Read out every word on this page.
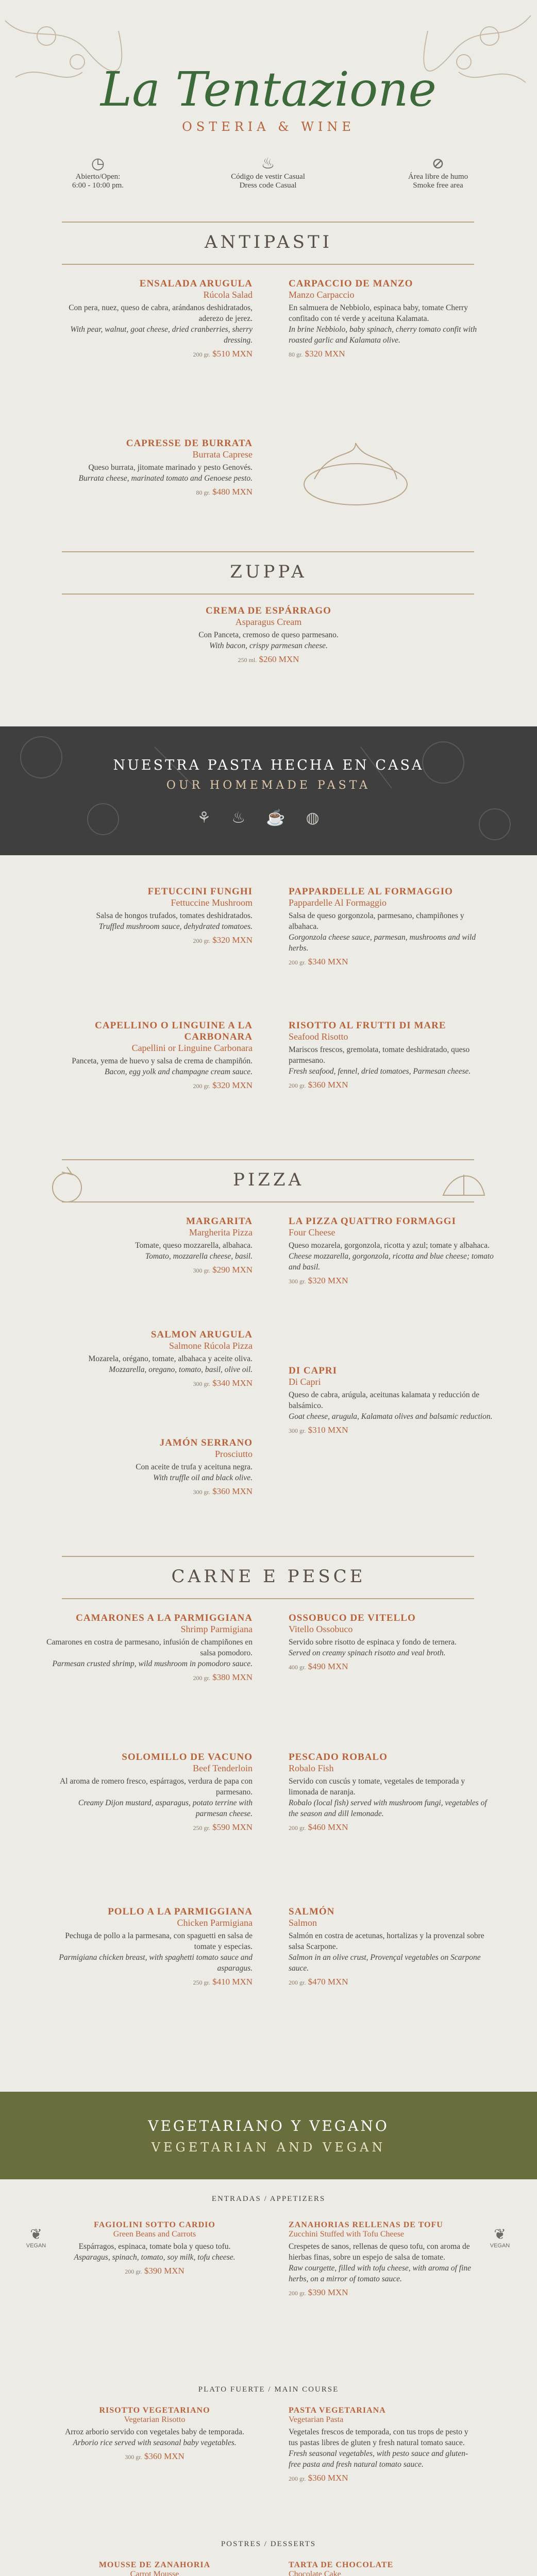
La Tentazione
OSTERIA & WINE
◷
Abierto/Open:
6:00 - 10:00 pm.
♨
Código de vestir Casual
Dress code Casual
⊘
Área libre de humo
Smoke free area
ANTIPASTI
ENSALADA ARUGULA
Rúcola Salad
Con pera, nuez, queso de cabra, arándanos deshidratados, aderezo de jerez.
With pear, walnut, goat cheese, dried cranberries, sherry dressing.
200 gr. $510 MXN
CARPACCIO DE MANZO
Manzo Carpaccio
En salmuera de Nebbiolo, espinaca baby, tomate Cherry confitado con té verde y aceituna Kalamata.
In brine Nebbiolo, baby spinach, cherry tomato confit with roasted garlic and Kalamata olive.
80 gr. $320 MXN
CAPRESSE DE BURRATA
Burrata Caprese
Queso burrata, jitomate marinado y pesto Genovés.
Burrata cheese, marinated tomato and Genoese pesto.
80 gr. $480 MXN
ZUPPA
CREMA DE ESPÁRRAGO
Asparagus Cream
Con Panceta, cremoso de queso parmesano.
With bacon, crispy parmesan cheese.
250 ml. $260 MXN
NUESTRA PASTA HECHA EN CASA
OUR HOMEMADE PASTA
⚘♨☕◍
FETUCCINI FUNGHI
Fettuccine Mushroom
Salsa de hongos trufados, tomates deshidratados.
Truffled mushroom sauce, dehydrated tomatoes.
200 gr. $320 MXN
PAPPARDELLE AL FORMAGGIO
Pappardelle Al Formaggio
Salsa de queso gorgonzola, parmesano, champiñones y albahaca.
Gorgonzola cheese sauce, parmesan, mushrooms and wild herbs.
200 gr. $340 MXN
CAPELLINO O LINGUINE A LA CARBONARA
Capellini or Linguine Carbonara
Panceta, yema de huevo y salsa de crema de champiñón.
Bacon, egg yolk and champagne cream sauce.
200 gr. $320 MXN
RISOTTO AL FRUTTI DI MARE
Seafood Risotto
Mariscos frescos, gremolata, tomate deshidratado, queso parmesano.
Fresh seafood, fennel, dried tomatoes, Parmesan cheese.
200 gr. $360 MXN
PIZZA
MARGARITA
Margherita Pizza
Tomate, queso mozzarella, albahaca.
Tomato, mozzarella cheese, basil.
300 gr. $290 MXN
LA PIZZA QUATTRO FORMAGGI
Four Cheese
Queso mozarela, gorgonzola, ricotta y azul; tomate y albahaca.
Cheese mozzarella, gorgonzola, ricotta and blue cheese; tomato and basil.
300 gr. $320 MXN
SALMON ARUGULA
Salmone Rúcola Pizza
Mozarela, orégano, tomate, albahaca y aceite oliva.
Mozzarella, oregano, tomato, basil, olive oil.
300 gr. $340 MXN
DI CAPRI
Di Capri
Queso de cabra, arúgula, aceitunas kalamata y reducción de balsámico.
Goat cheese, arugula, Kalamata olives and balsamic reduction.
300 gr. $310 MXN
JAMÓN SERRANO
Prosciutto
Con aceite de trufa y aceituna negra.
With truffle oil and black olive.
300 gr. $360 MXN
CARNE E PESCE
CAMARONES A LA PARMIGGIANA
Shrimp Parmigiana
Camarones en costra de parmesano, infusión de champiñones en salsa pomodoro.
Parmesan crusted shrimp, wild mushroom in pomodoro sauce.
200 gr. $380 MXN
OSSOBUCO DE VITELLO
Vitello Ossobuco
Servido sobre risotto de espinaca y fondo de ternera.
Served on creamy spinach risotto and veal broth.
400 gr. $490 MXN
SOLOMILLO DE VACUNO
Beef Tenderloin
Al aroma de romero fresco, espárragos, verdura de papa con parmesano.
Creamy Dijon mustard, asparagus, potato terrine with parmesan cheese.
250 gr. $590 MXN
PESCADO ROBALO
Robalo Fish
Servido con cuscús y tomate, vegetales de temporada y limonada de naranja.
Robalo (local fish) served with mushroom fungi, vegetables of the season and dill lemonade.
200 gr. $460 MXN
POLLO A LA PARMIGGIANA
Chicken Parmigiana
Pechuga de pollo a la parmesana, con spaguetti en salsa de tomate y especias.
Parmigiana chicken breast, with spaghetti tomato sauce and asparagus.
250 gr. $410 MXN
SALMÓN
Salmon
Salmón en costra de acetunas, hortalizas y la provenzal sobre salsa Scarpone.
Salmon in an olive crust, Provençal vegetables on Scarpone sauce.
200 gr. $470 MXN
VEGETARIANO Y VEGANO
VEGETARIAN AND VEGAN
ENTRADAS / APPETIZERS
❦
VEGAN
❦
VEGAN
FAGIOLINI SOTTO CARDIO
Green Beans and Carrots
Espárragos, espinaca, tomate bola y queso tofu.
Asparagus, spinach, tomato, soy milk, tofu cheese.
200 gr. $390 MXN
ZANAHORIAS RELLENAS DE TOFU
Zucchini Stuffed with Tofu Cheese
Crespetes de sanos, rellenas de queso tofu, con aroma de hierbas finas, sobre un espejo de salsa de tomate.
Raw courgette, filled with tofu cheese, with aroma of fine herbs, on a mirror of tomato sauce.
200 gr. $390 MXN
PLATO FUERTE / MAIN COURSE
RISOTTO VEGETARIANO
Vegetarian Risotto
Arroz arborio servido con vegetales baby de temporada.
Arborio rice served with seasonal baby vegetables.
300 gr. $360 MXN
PASTA VEGETARIANA
Vegetarian Pasta
Vegetales frescos de temporada, con tus trops de pesto y tus pastas libres de gluten y fresh natural tomato sauce.
Fresh seasonal vegetables, with pesto sauce and gluten-free pasta and fresh natural tomato sauce.
200 gr. $360 MXN
POSTRES / DESSERTS
MOUSSE DE ZANAHORIA
Carrot Mousse
TARTA DE CHOCOLATE
Chocolate Cake
